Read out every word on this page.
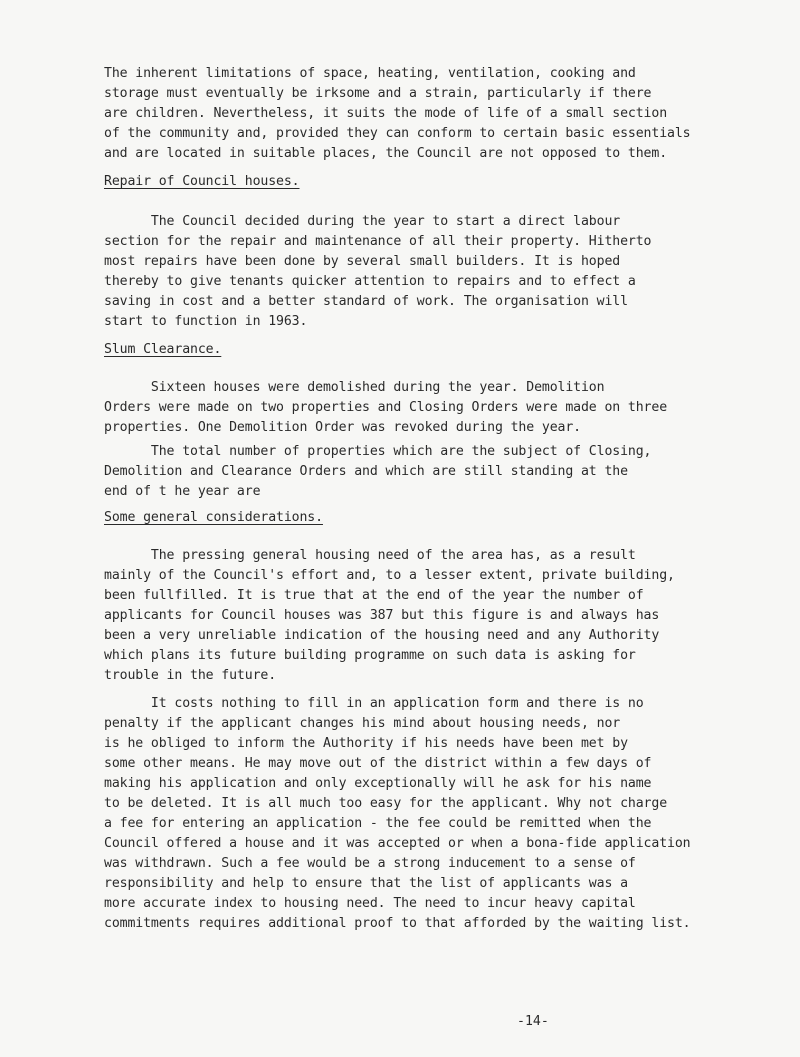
The inherent limitations of space, heating, ventilation, cooking and
storage must eventually be irksome and a strain, particularly if there
are children. Nevertheless, it suits the mode of life of a small section
of the community and, provided they can conform to certain basic essentials
and are located in suitable places, the Council are not opposed to them.
Repair of Council houses.
The Council decided during the year to start a direct labour
section for the repair and maintenance of all their property. Hitherto
most repairs have been done by several small builders. It is hoped
thereby to give tenants quicker attention to repairs and to effect a
saving in cost and a better standard of work. The organisation will
start to function in 1963.
Slum Clearance.
Sixteen houses were demolished during the year. Demolition
Orders were made on two properties and Closing Orders were made on three
properties. One Demolition Order was revoked during the year.
The total number of properties which are the subject of Closing,
Demolition and Clearance Orders and which are still standing at the
end of t he year are
Some general considerations.
The pressing general housing need of the area has, as a result
mainly of the Council's effort and, to a lesser extent, private building,
been fullfilled. It is true that at the end of the year the number of
applicants for Council houses was 387 but this figure is and always has
been a very unreliable indication of the housing need and any Authority
which plans its future building programme on such data is asking for
trouble in the future.
It costs nothing to fill in an application form and there is no
penalty if the applicant changes his mind about housing needs, nor
is he obliged to inform the Authority if his needs have been met by
some other means. He may move out of the district within a few days of
making his application and only exceptionally will he ask for his name
to be deleted. It is all much too easy for the applicant. Why not charge
a fee for entering an application - the fee could be remitted when the
Council offered a house and it was accepted or when a bona-fide application
was withdrawn. Such a fee would be a strong inducement to a sense of
responsibility and help to ensure that the list of applicants was a
more accurate index to housing need. The need to incur heavy capital
commitments requires additional proof to that afforded by the waiting list.
-14-
